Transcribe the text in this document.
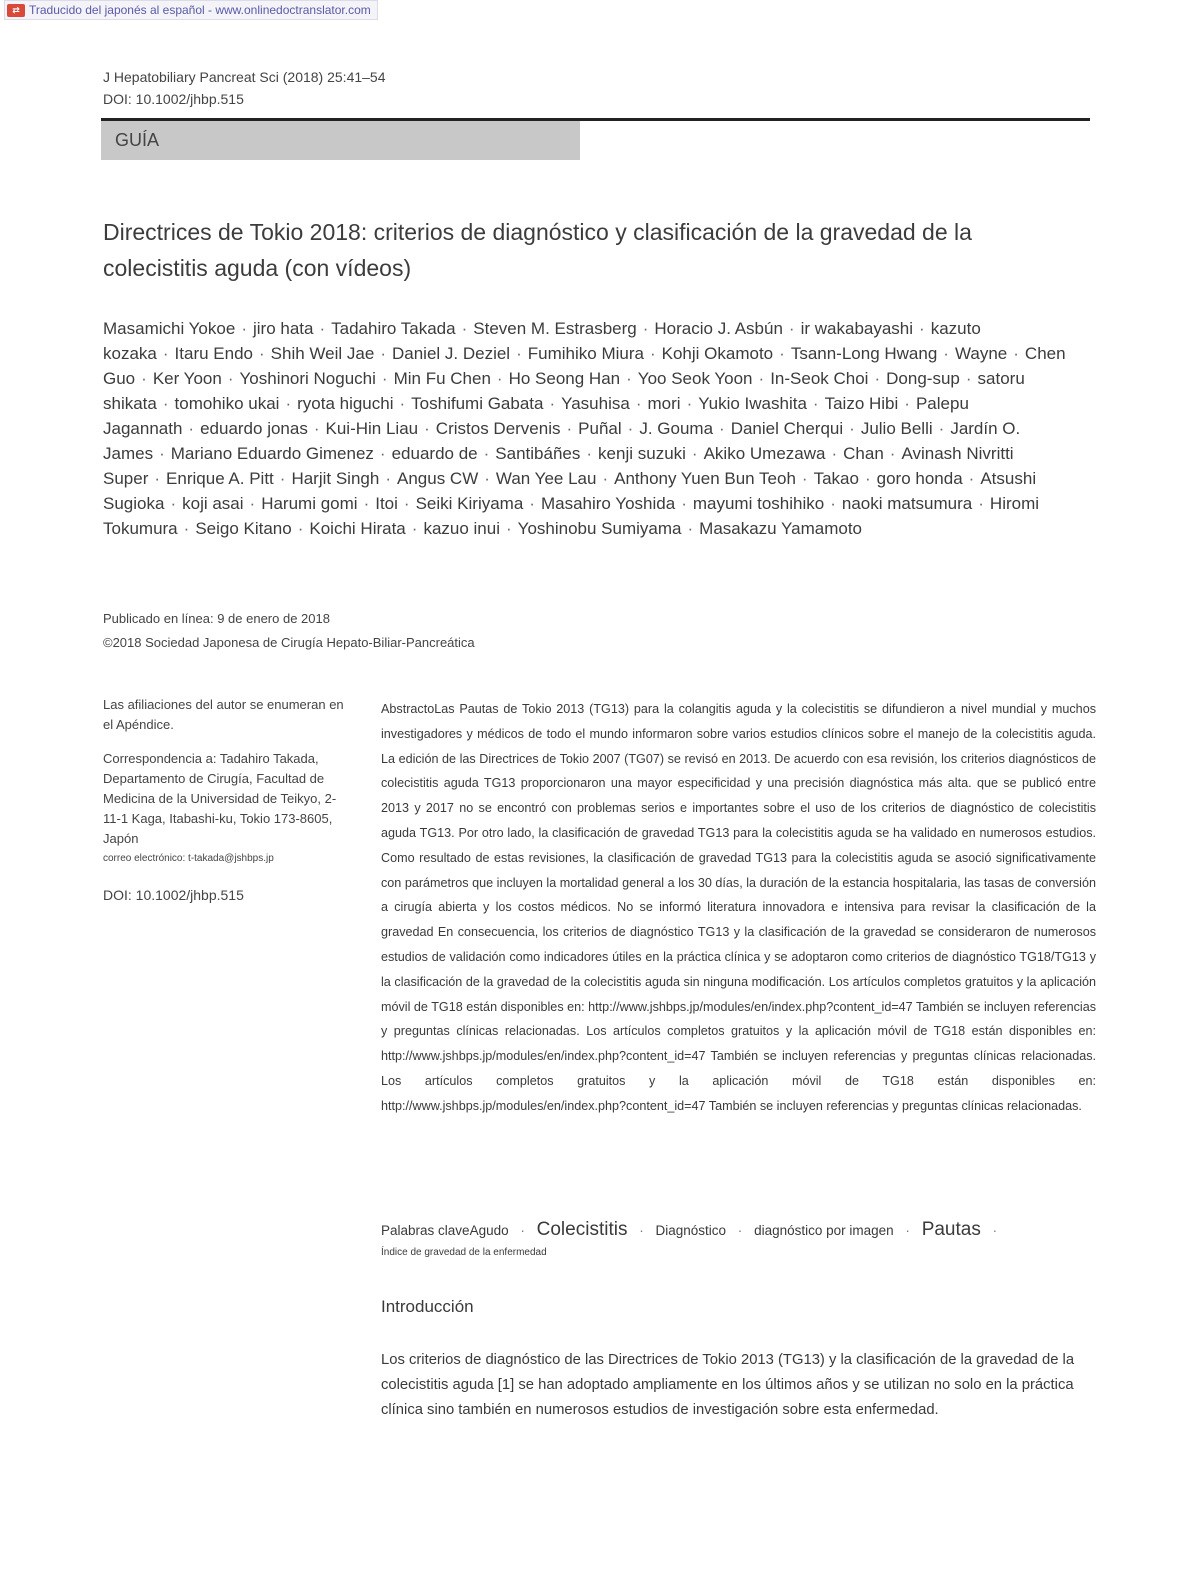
⇄ Traducido del japonés al español - www.onlinedoctranslator.com
J Hepatobiliary Pancreat Sci (2018) 25:41–54
DOI: 10.1002/jhbp.515
GUÍA
Directrices de Tokio 2018: criterios de diagnóstico y clasificación de la gravedad de la colecistitis aguda (con vídeos)
Masamichi Yokoe · jiro hata · Tadahiro Takada · Steven M. Estrasberg · Horacio J. Asbún · ir wakabayashi · kazuto kozaka · Itaru Endo · Shih Weil Jae · Daniel J. Deziel · Fumihiko Miura · Kohji Okamoto · Tsann-Long Hwang · Wayne · Chen Guo · Ker Yoon · Yoshinori Noguchi · Min Fu Chen · Ho Seong Han · Yoo Seok Yoon · In-Seok Choi · Dong-sup · satoru shikata · tomohiko ukai · ryota higuchi · Toshifumi Gabata · Yasuhisa · mori · Yukio Iwashita · Taizo Hibi · Palepu Jagannath · eduardo jonas · Kui-Hin Liau · Cristos Dervenis · Puñal · J. Gouma · Daniel Cherqui · Julio Belli · Jardín O. James · Mariano Eduardo Gimenez · eduardo de · Santibáñes · kenji suzuki · Akiko Umezawa · Chan · Avinash Nivritti Super · Enrique A. Pitt · Harjit Singh · Angus CW · Wan Yee Lau · Anthony Yuen Bun Teoh · Takao · goro honda · Atsushi Sugioka · koji asai · Harumi gomi · Itoi · Seiki Kiriyama · Masahiro Yoshida · mayumi toshihiko · naoki matsumura · Hiromi Tokumura · Seigo Kitano · Koichi Hirata · kazuo inui · Yoshinobu Sumiyama · Masakazu Yamamoto
Publicado en línea: 9 de enero de 2018
©2018 Sociedad Japonesa de Cirugía Hepato-Biliar-Pancreática

Las afiliaciones del autor se enumeran en el Apéndice.

Correspondencia a: Tadahiro Takada, Departamento de Cirugía, Facultad de Medicina de la Universidad de Teikyo, 2-11-1 Kaga, Itabashi-ku, Tokio 173-8605, Japón

correo electrónico: t-takada@jshbps.jp

DOI: 10.1002/jhbp.515

AbstractoLas Pautas de Tokio 2013 (TG13) para la colangitis aguda y la colecistitis se difundieron a nivel mundial y muchos investigadores y médicos de todo el mundo informaron sobre varios estudios clínicos sobre el manejo de la colecistitis aguda. La edición de las Directrices de Tokio 2007 (TG07) se revisó en 2013. De acuerdo con esa revisión, los criterios diagnósticos de colecistitis aguda TG13 proporcionaron una mayor especificidad y una precisión diagnóstica más alta. que se publicó entre 2013 y 2017 no se encontró con problemas serios e importantes sobre el uso de los criterios de diagnóstico de colecistitis aguda TG13. Por otro lado, la clasificación de gravedad TG13 para la colecistitis aguda se ha validado en numerosos estudios. Como resultado de estas revisiones, la clasificación de gravedad TG13 para la colecistitis aguda se asoció significativamente con parámetros que incluyen la mortalidad general a los 30 días, la duración de la estancia hospitalaria, las tasas de conversión a cirugía abierta y los costos médicos. No se informó literatura innovadora e intensiva para revisar la clasificación de la gravedad En consecuencia, los criterios de diagnóstico TG13 y la clasificación de la gravedad se consideraron de numerosos estudios de validación como indicadores útiles en la práctica clínica y se adoptaron como criterios de diagnóstico TG18/TG13 y la clasificación de la gravedad de la colecistitis aguda sin ninguna modificación. Los artículos completos gratuitos y la aplicación móvil de TG18 están disponibles en: http://www.jshbps.jp/modules/en/index.php?content_id=47 También se incluyen referencias y preguntas clínicas relacionadas. Los artículos completos gratuitos y la aplicación móvil de TG18 están disponibles en: http://www.jshbps.jp/modules/en/index.php?content_id=47 También se incluyen referencias y preguntas clínicas relacionadas. Los artículos completos gratuitos y la aplicación móvil de TG18 están disponibles en: http://www.jshbps.jp/modules/en/index.php?content_id=47 También se incluyen referencias y preguntas clínicas relacionadas.
Palabras claveAgudo · Colecistitis · Diagnóstico · diagnóstico por imagen · Pautas ·
Índice de gravedad de la enfermedad
Introducción
Los criterios de diagnóstico de las Directrices de Tokio 2013 (TG13) y la clasificación de la gravedad de la colecistitis aguda [1] se han adoptado ampliamente en los últimos años y se utilizan no solo en la práctica clínica sino también en numerosos estudios de investigación sobre esta enfermedad.
